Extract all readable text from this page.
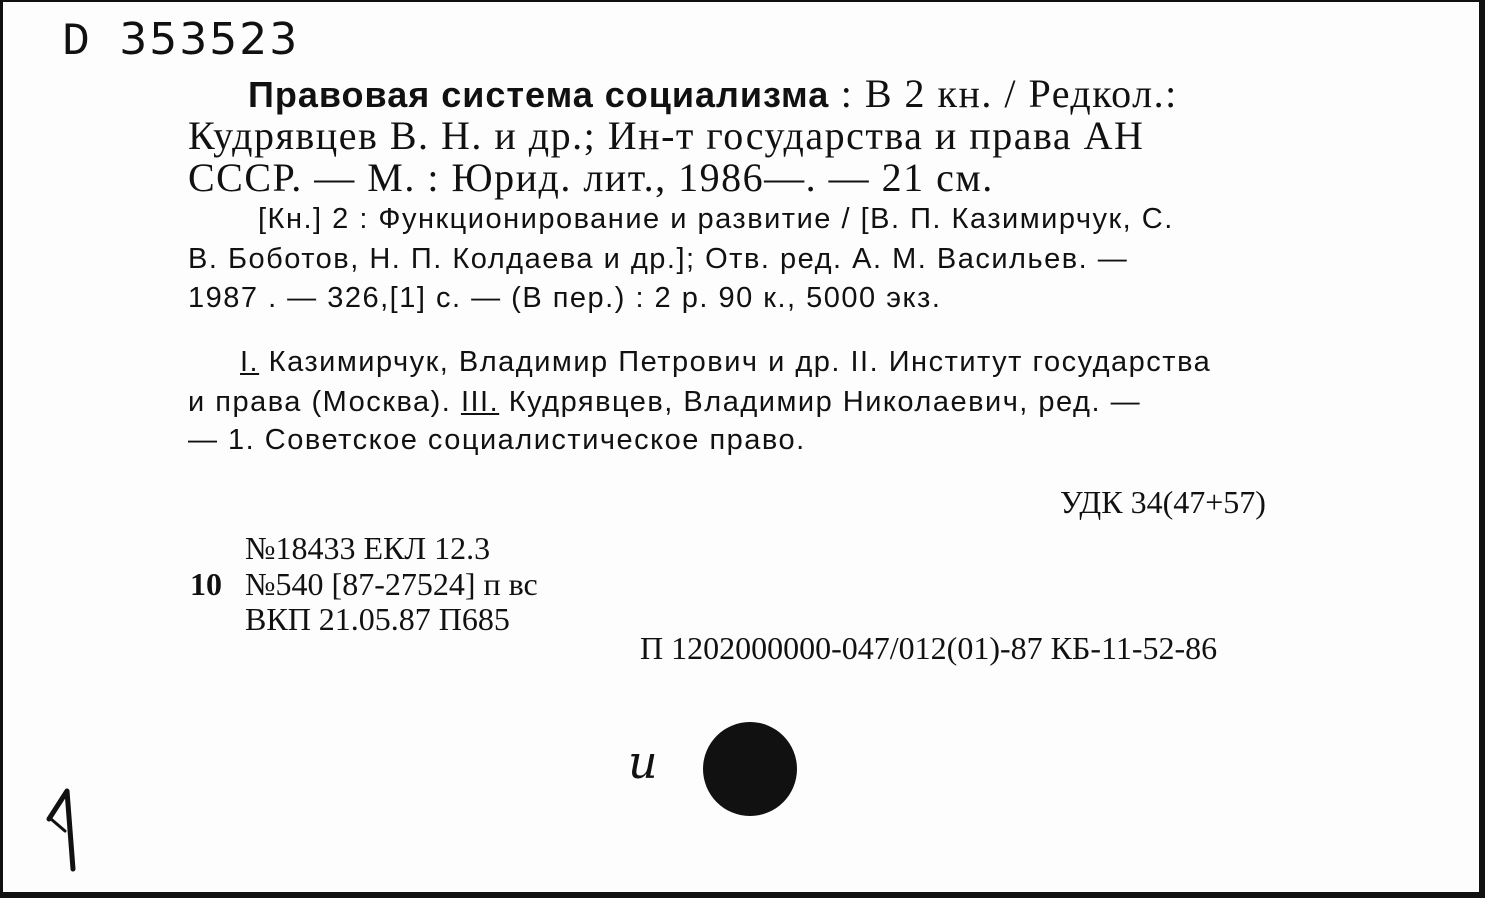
D 353523
Правовая система социализма : В 2 кн. / Редкол.:
Кудрявцев В. Н. и др.; Ин-т государства и права АН
СССР. — М. : Юрид. лит., 1986—. — 21 см.
[Кн.] 2 : Функционирование и развитие / [В. П. Казимирчук, С.
В. Боботов, Н. П. Колдаева и др.]; Отв. ред. А. М. Васильев. —
1987 . — 326,[1] с. — (В пер.) : 2 р. 90 к., 5000 экз.
I. Казимирчук, Владимир Петрович и др. II. Институт государства
и права (Москва). III. Кудрявцев, Владимир Николаевич, ред. —
— 1. Советское социалистическое право.
УДК 34(47+57)
№18433 ЕКЛ 12.3
10 №540 [87-27524] п вс
ВКП 21.05.87 П685
П 1202000000-047/012(01)-87 КБ-11-52-86
и
